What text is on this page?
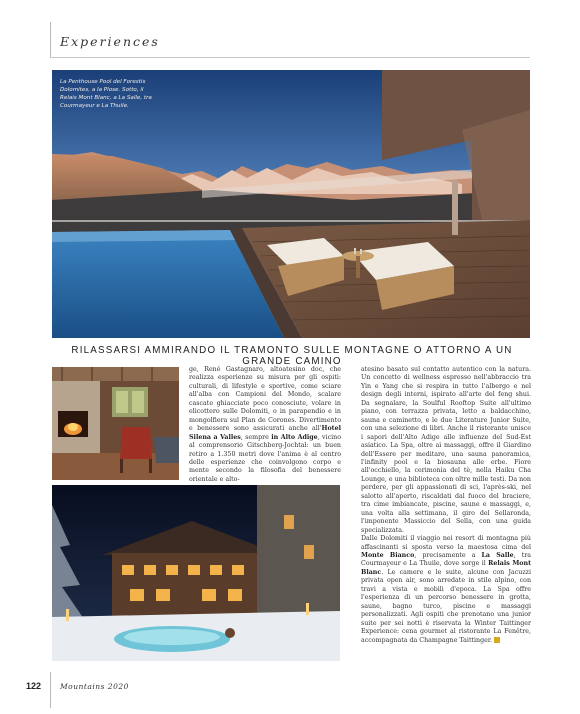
Experiences
La Penthouse Pool del Forestis Dolomites, a la Plose. Sotto, il Relais Mont Blanc, a La Salle, tra Courmayeur e La Thuile.
RILASSARSI AMMIRANDO IL TRAMONTO SULLE MONTAGNE O ATTORNO A UN GRANDE CAMINO

ge, René Gastagnaro, altoatesino doc, che realizza esperienze su misura per gli ospiti: culturali, di lifestyle e sportive, come sciare all'alba con Campioni del Mondo, scalare cascate ghiacciate poco conosciute, volare in elicottero sulle Dolomiti, o in parapendio e in mongolfiera sul Plan de Corones. Divertimento e benessere sono assicurati anche all'Hotel Silena a Valles, sempre in Alto Adige, vicino al comprensorio Gitschberg-Jochtal: un buen retiro a 1.350 metri dove l'anima è al centro delle esperienze che coinvolgono corpo e mente secondo la filosofia del benessere orientale e alto-

atesino basato sul contatto autentico con la natura. Un concetto di wellness espresso nell'abbraccio tra Yin e Yang che si respira in tutto l'albergo e nel design degli interni, ispirato all'arte del feng shui. Da segnalare, la Soulful Rooftop Suite all'ultimo piano, con terrazza privata, letto a baldacchino, sauna e caminetto, e le due Literature Junior Suite, con una selezione di libri. Anche il ristorante unisce i sapori dell'Alto Adige alle influenze del Sud-Est asiatico. La Spa, oltre ai massaggi, offre il Giardino dell'Essere per meditare, una sauna panoramica, l'infinity pool e la biosauna alle erbe. Fiore all'occhiello, la cerimonia del tè, nella Haiku Cha Lounge, e una biblioteca con oltre mille testi. Da non perdere, per gli appassionati di sci, l'après-ski, nel salotto all'aperto, riscaldati dal fuoco del braciere, tra cime imbiancate, piscine, saune e massaggi, e, una volta alla settimana, il giro del Sellaronda, l'imponente Massiccio del Sella, con una guida specializzata.

Dalle Dolomiti il viaggio nei resort di montagna più affascinanti si sposta verso la maestosa cima del Monte Bianco, precisamente a La Salle, tra Courmayeur e La Thuile, dove sorge il Relais Mont Blanc. Le camere e le suite, alcune con Jacuzzi privata open air, sono arredate in stile alpino, con travi a vista e mobili d'epoca. La Spa offre l'esperienza di un percorso benessere in grotta, saune, bagno turco, piscine e massaggi personalizzati. Agli ospiti che prenotano una junior suite per sei notti è riservata la Winter Taittinger Experience: cena gourmet al ristorante La Fenêtre, accompagnata da Champagne Taittinger.

122	Mountains 2020
